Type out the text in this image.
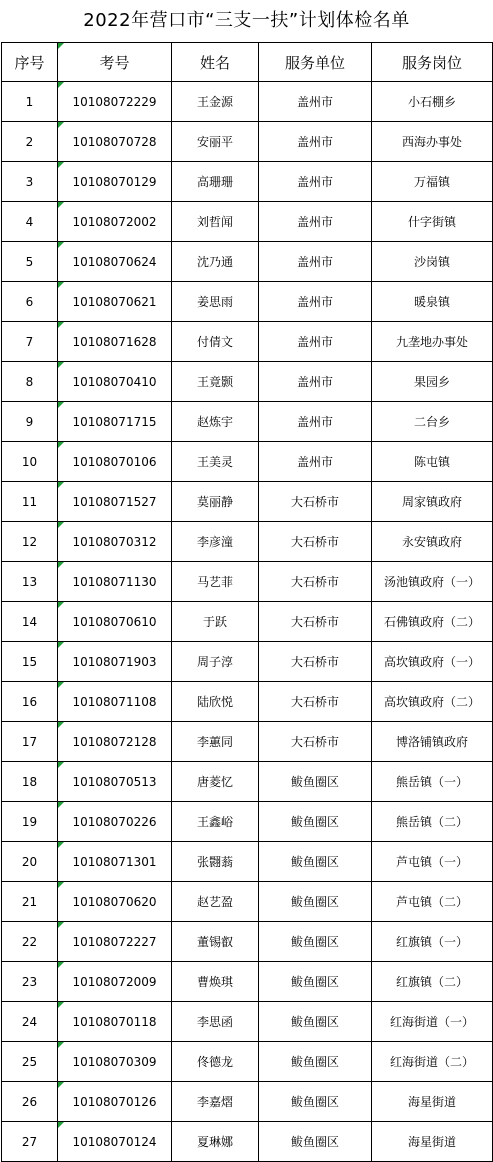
2022年营口市“三支一扶”计划体检名单
序号	考号	姓名	服务单位	服务岗位
1	10108072229	王金源	盖州市	小石棚乡
2	10108070728	安丽平	盖州市	西海办事处
3	10108070129	高珊珊	盖州市	万福镇
4	10108072002	刘哲闻	盖州市	什字街镇
5	10108070624	沈乃通	盖州市	沙岗镇
6	10108070621	姜思雨	盖州市	暖泉镇
7	10108071628	付倩文	盖州市	九垄地办事处
8	10108070410	王竟颢	盖州市	果园乡
9	10108071715	赵炼宇	盖州市	二台乡
10	10108070106	王美灵	盖州市	陈屯镇
11	10108071527	莫丽静	大石桥市	周家镇政府
12	10108070312	李彦潼	大石桥市	永安镇政府
13	10108071130	马艺菲	大石桥市	汤池镇政府（一）
14	10108070610	于跃	大石桥市	石佛镇政府（二）
15	10108071903	周子淳	大石桥市	高坎镇政府（一）
16	10108071108	陆欣悦	大石桥市	高坎镇政府（二）
17	10108072128	李蕙同	大石桥市	博洛铺镇政府
18	10108070513	唐菱忆	鲅鱼圈区	熊岳镇（一）
19	10108070226	王鑫峪	鲅鱼圈区	熊岳镇（二）
20	10108071301	张翾蓊	鲅鱼圈区	芦屯镇（一）
21	10108070620	赵艺盈	鲅鱼圈区	芦屯镇（二）
22	10108072227	董锡叡	鲅鱼圈区	红旗镇（一）
23	10108072009	曹焕琪	鲅鱼圈区	红旗镇（二）
24	10108070118	李思函	鲅鱼圈区	红海街道（一）
25	10108070309	佟德龙	鲅鱼圈区	红海街道（二）
26	10108070126	李嘉熠	鲅鱼圈区	海星街道
27	10108070124	夏琳娜	鲅鱼圈区	海星街道
